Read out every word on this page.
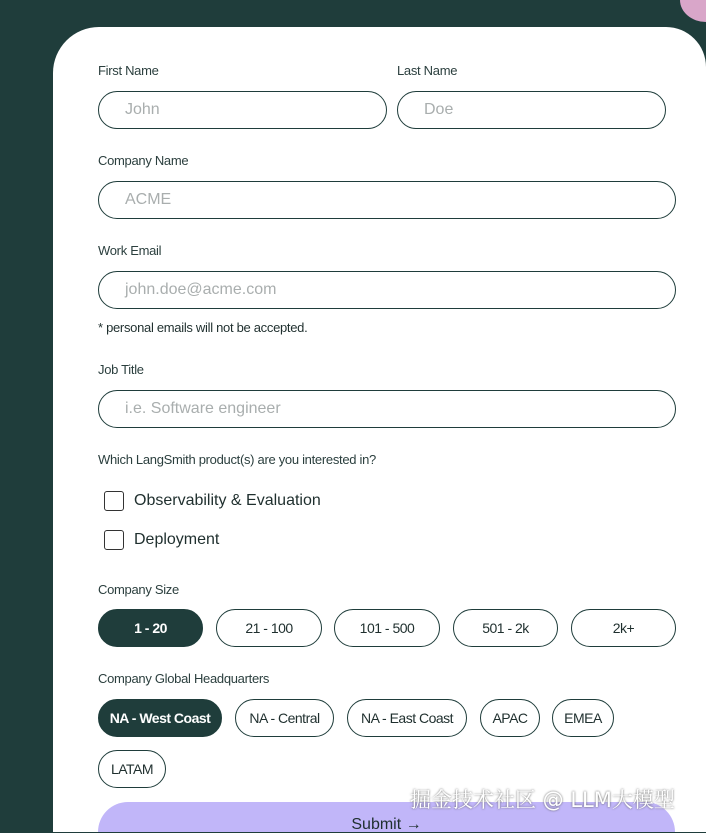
First Name
John
Last Name
Doe
Company Name
ACME
Work Email
john.doe@acme.com
* personal emails will not be accepted.
Job Title
i.e. Software engineer
Which LangSmith product(s) are you interested in?
Observability & Evaluation
Deployment
Company Size
1 - 20	21 - 100	101 - 500	501 - 2k	2k+
Company Global Headquarters
NA - West Coast	NA - Central	NA - East Coast	APAC	EMEA
LATAM
Submit →
掘金技术社区 @ LLM大模型
